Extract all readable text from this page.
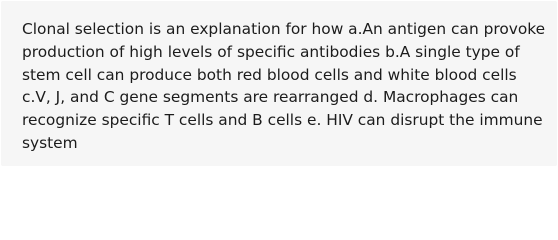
Clonal selection is an explanation for how a.An antigen can provoke production of high levels of specific antibodies b.A single type of stem cell can produce both red blood cells and white blood cells c.V, J, and C gene segments are rearranged d. Macrophages can recognize specific T cells and B cells e. HIV can disrupt the immune system
